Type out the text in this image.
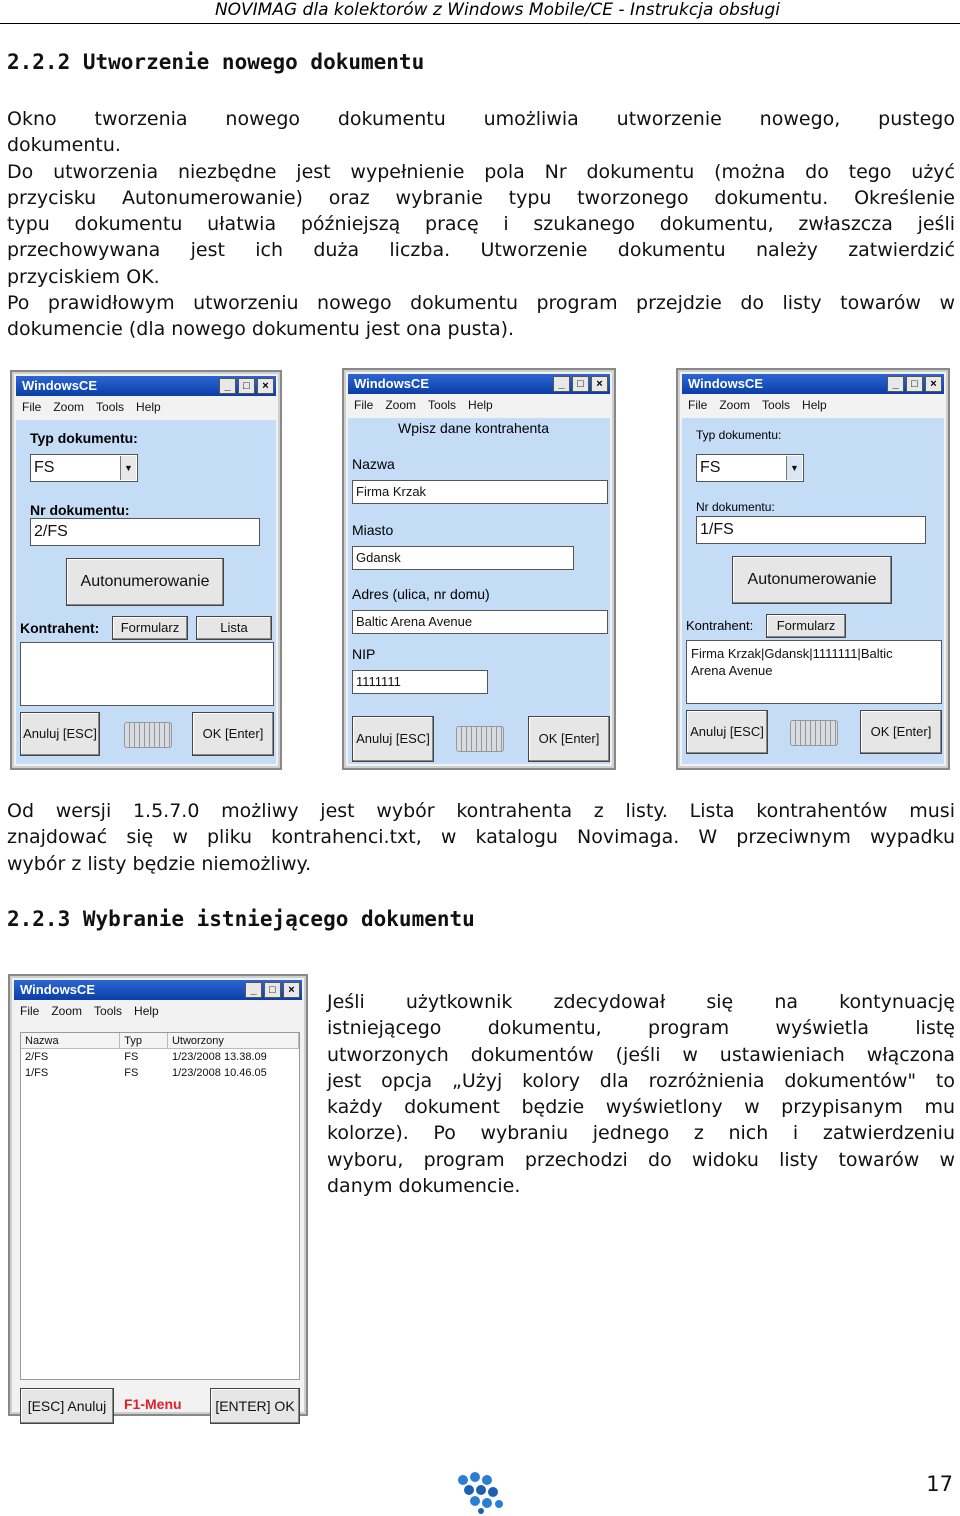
NOVIMAG dla kolektorów z Windows Mobile/CE - Instrukcja obsługi
2.2.2 Utworzenie nowego dokumentu
Okno tworzenia nowego dokumentu umożliwia utworzenie nowego, pustego
dokumentu.
Do utworzenia niezbędne jest wypełnienie pola Nr dokumentu (można do tego użyć
przycisku Autonumerowanie) oraz wybranie typu tworzonego dokumentu. Określenie
typu dokumentu ułatwia późniejszą pracę i szukanego dokumentu, zwłaszcza jeśli
przechowywana jest ich duża liczba. Utworzenie dokumentu należy zatwierdzić
przyciskiem OK.
Po prawidłowym utworzeniu nowego dokumentu program przejdzie do listy towarów w
dokumencie (dla nowego dokumentu jest ona pusta).
WindowsCE	_	□	×
File Zoom Tools Help
Typ dokumentu:
FS	▼
Nr dokumentu:
2/FS
Autonumerowanie
Kontrahent:	Formularz	Lista
Anuluj [ESC]	OK [Enter]
WindowsCE	_	□	×
File Zoom Tools Help
Wpisz dane kontrahenta
Nazwa
Firma Krzak
Miasto
Gdansk
Adres (ulica, nr domu)
Baltic Arena Avenue
NIP
1111111
Anuluj [ESC]	OK [Enter]
WindowsCE	_	□	×
File Zoom Tools Help
Typ dokumentu:
FS	▼
Nr dokumentu:
1/FS
Autonumerowanie
Kontrahent:	Formularz
Firma Krzak|Gdansk|1111111|Baltic
Arena Avenue
Anuluj [ESC]	OK [Enter]
Od wersji 1.5.7.0 możliwy jest wybór kontrahenta z listy. Lista kontrahentów musi
znajdować się w pliku kontrahenci.txt, w katalogu Novimaga. W przeciwnym wypadku
wybór z listy będzie niemożliwy.
2.2.3 Wybranie istniejącego dokumentu
WindowsCE	_	□	×
File Zoom Tools Help
Nazwa	Typ	Utworzony
2/FS	FS	1/23/2008 13.38.09
1/FS	FS	1/23/2008 10.46.05
[ESC] Anuluj	F1-Menu	[ENTER] OK
Jeśli użytkownik zdecydował się na kontynuację
istniejącego dokumentu, program wyświetla listę
utworzonych dokumentów (jeśli w ustawieniach włączona
jest opcja „Użyj kolory dla rozróżnienia dokumentów" to
każdy dokument będzie wyświetlony w przypisanym mu
kolorze). Po wybraniu jednego z nich i zatwierdzeniu
wyboru, program przechodzi do widoku listy towarów w
danym dokumencie.
17
